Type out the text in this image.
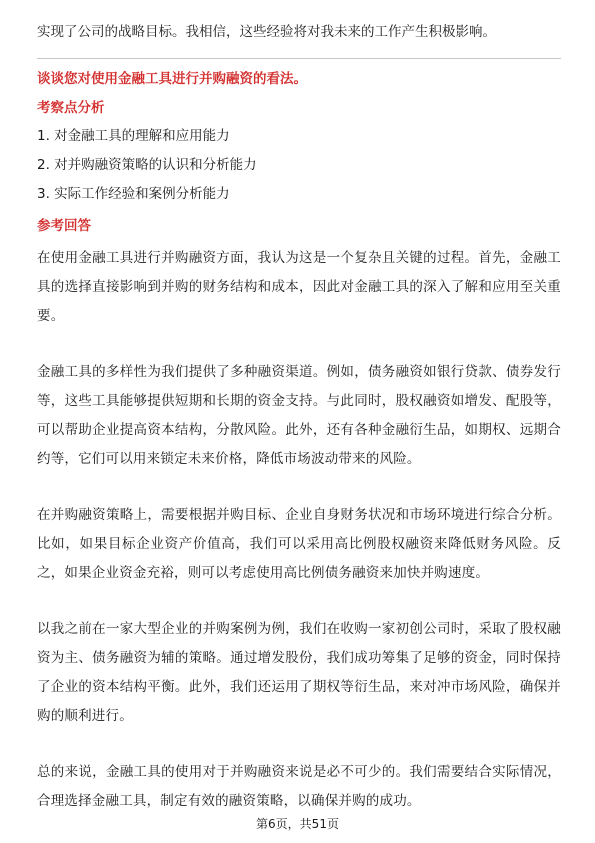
实现了公司的战略目标。我相信，这些经验将对我未来的工作产生积极影响。

谈谈您对使用金融工具进行并购融资的看法。

考察点分析

1. 对金融工具的理解和应用能力
2. 对并购融资策略的认识和分析能力
3. 实际工作经验和案例分析能力

参考回答

在使用金融工具进行并购融资方面，我认为这是一个复杂且关键的过程。首先，金融工具的选择直接影响到并购的财务结构和成本，因此对金融工具的深入了解和应用至关重要。

金融工具的多样性为我们提供了多种融资渠道。例如，债务融资如银行贷款、债券发行等，这些工具能够提供短期和长期的资金支持。与此同时，股权融资如增发、配股等，可以帮助企业提高资本结构，分散风险。此外，还有各种金融衍生品，如期权、远期合约等，它们可以用来锁定未来价格，降低市场波动带来的风险。

在并购融资策略上，需要根据并购目标、企业自身财务状况和市场环境进行综合分析。比如，如果目标企业资产价值高，我们可以采用高比例股权融资来降低财务风险。反之，如果企业资金充裕，则可以考虑使用高比例债务融资来加快并购速度。

以我之前在一家大型企业的并购案例为例，我们在收购一家初创公司时，采取了股权融资为主、债务融资为辅的策略。通过增发股份，我们成功筹集了足够的资金，同时保持了企业的资本结构平衡。此外，我们还运用了期权等衍生品，来对冲市场风险，确保并购的顺利进行。

总的来说，金融工具的使用对于并购融资来说是必不可少的。我们需要结合实际情况，合理选择金融工具，制定有效的融资策略，以确保并购的成功。

第6页，共51页
